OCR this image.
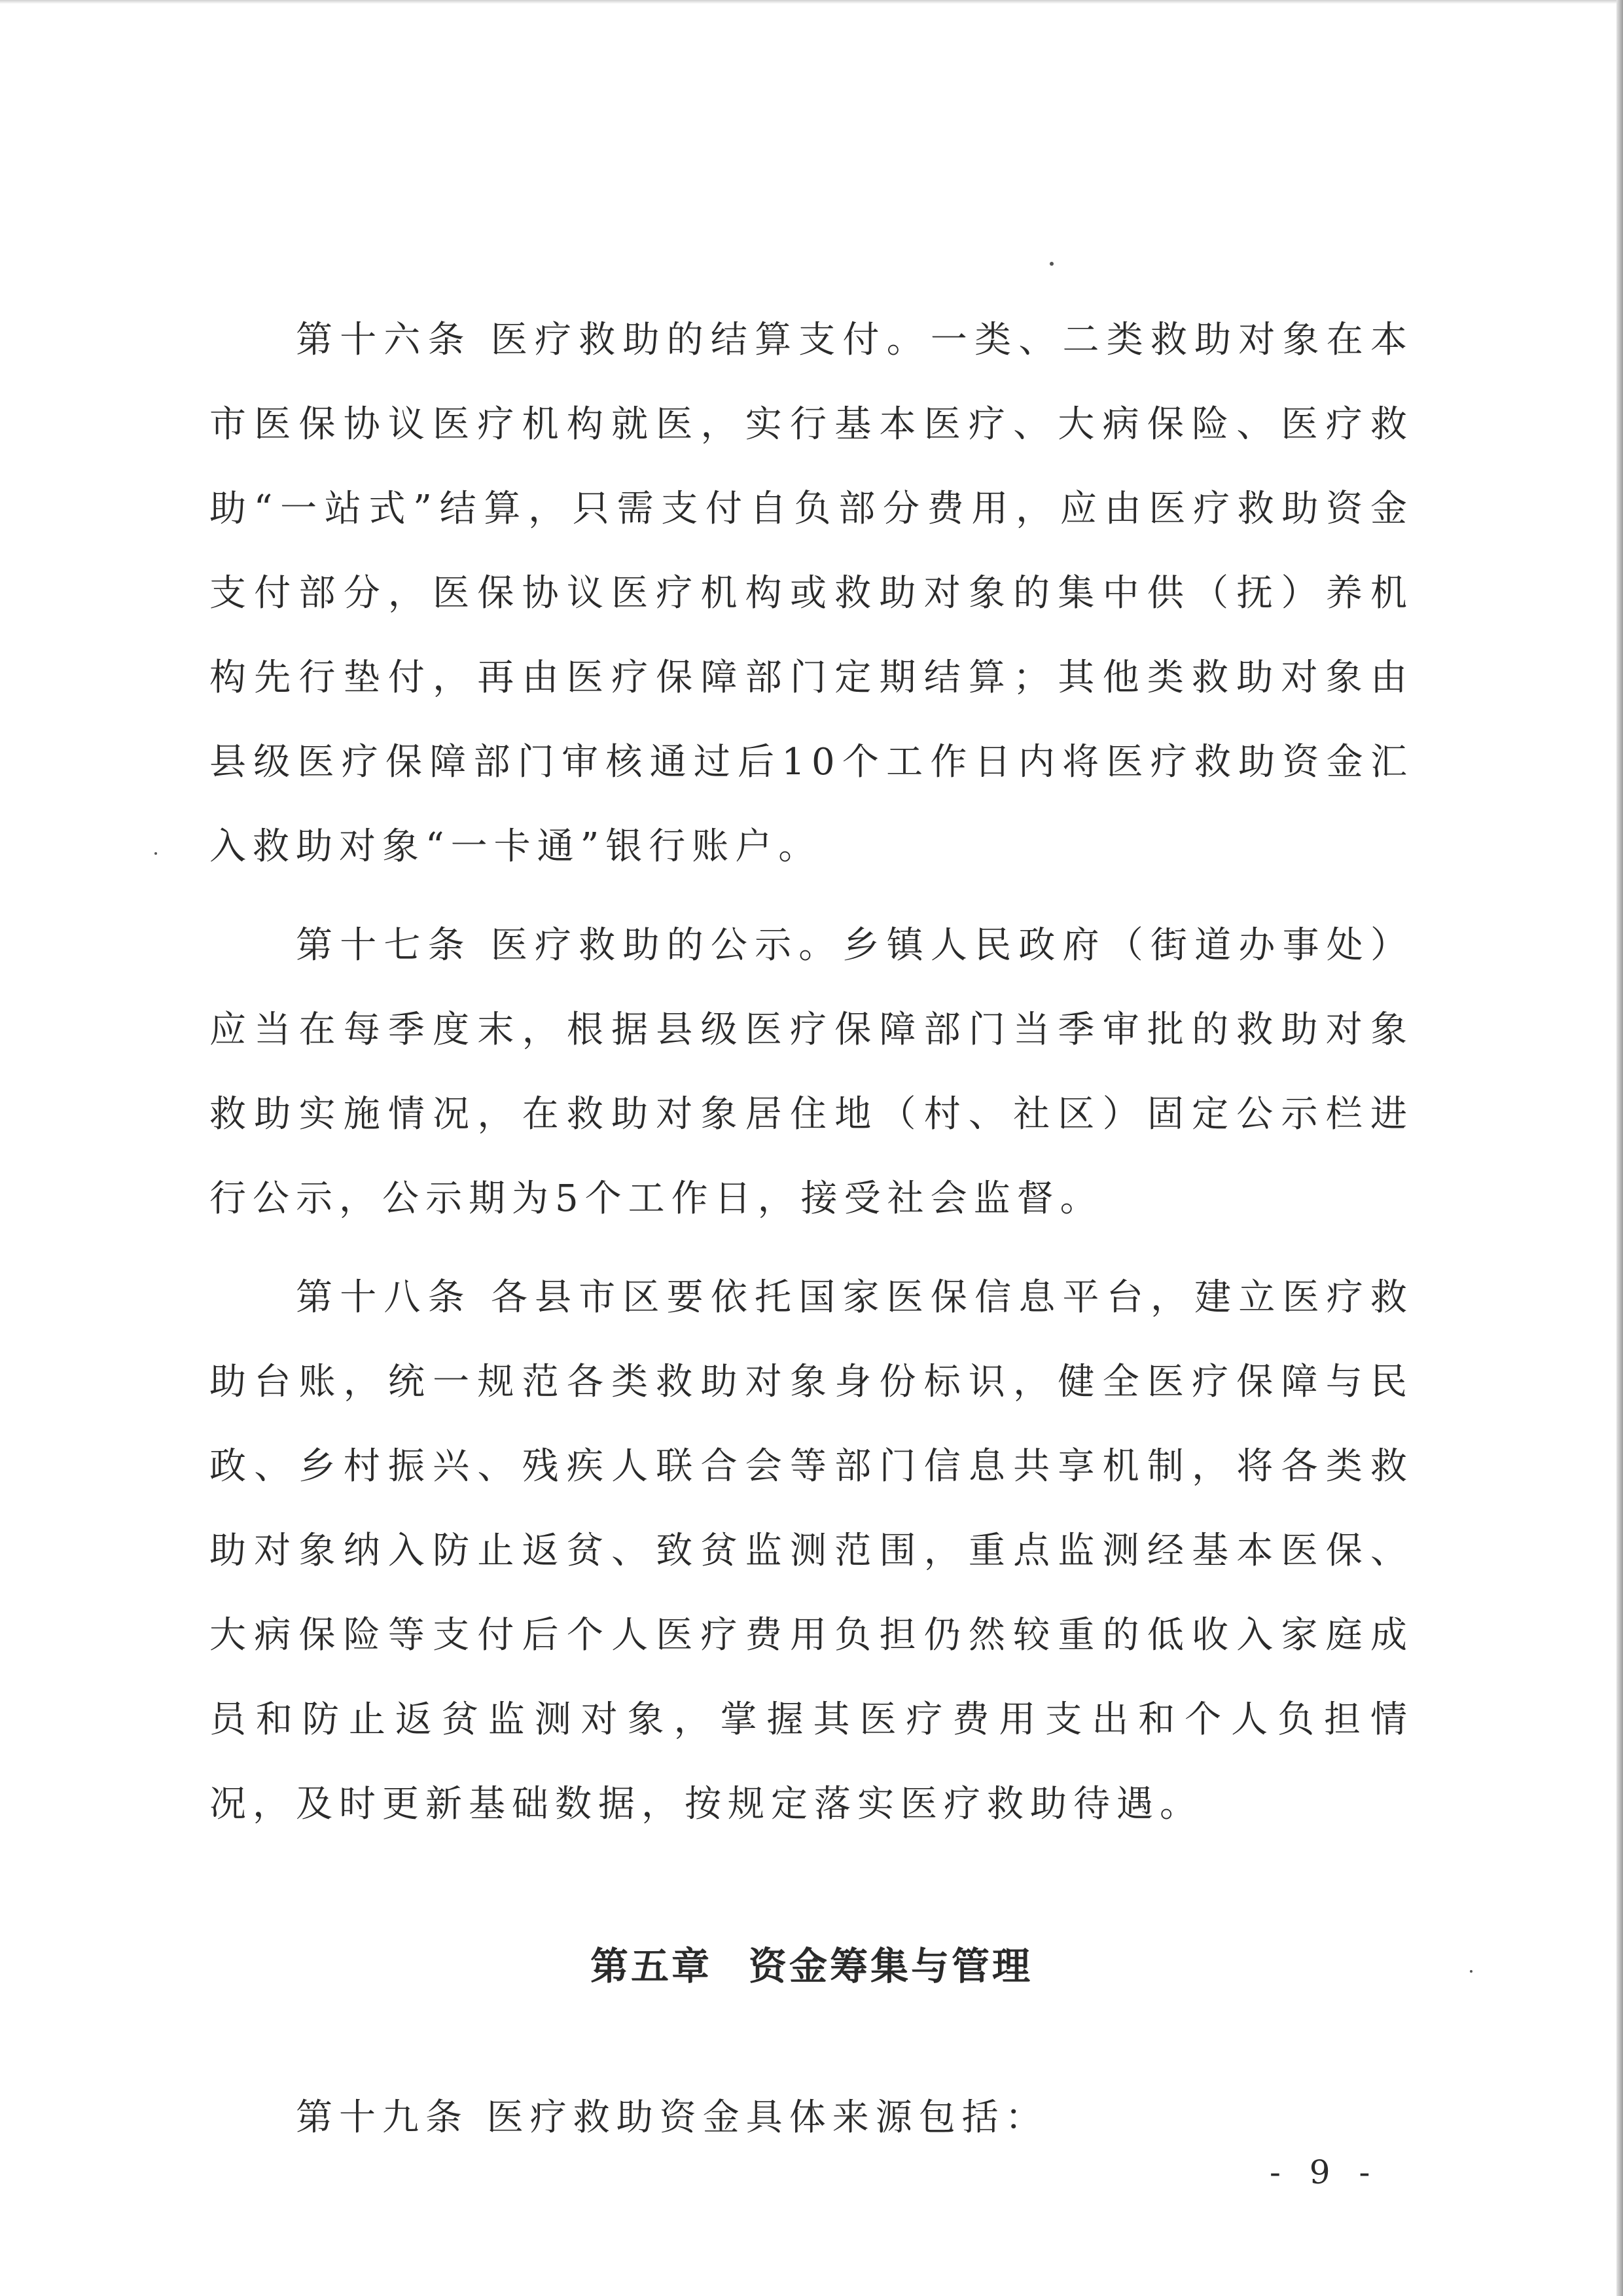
第十六条 医疗救助的结算支付。一类、二类救助对象在本市医保协议医疗机构就医，实行基本医疗、大病保险、医疗救助“一站式”结算，只需支付自负部分费用，应由医疗救助资金支付部分，医保协议医疗机构或救助对象的集中供（抚）养机构先行垫付，再由医疗保障部门定期结算；其他类救助对象由县级医疗保障部门审核通过后10个工作日内将医疗救助资金汇入救助对象“一卡通”银行账户。

第十七条 医疗救助的公示。乡镇人民政府（街道办事处）应当在每季度末，根据县级医疗保障部门当季审批的救助对象救助实施情况，在救助对象居住地（村、社区）固定公示栏进行公示，公示期为5个工作日，接受社会监督。

第十八条 各县市区要依托国家医保信息平台，建立医疗救助台账，统一规范各类救助对象身份标识，健全医疗保障与民政、乡村振兴、残疾人联合会等部门信息共享机制，将各类救助对象纳入防止返贫、致贫监测范围，重点监测经基本医保、大病保险等支付后个人医疗费用负担仍然较重的低收入家庭成员和防止返贫监测对象，掌握其医疗费用支出和个人负担情况，及时更新基础数据，按规定落实医疗救助待遇。

第五章 资金筹集与管理

第十九条 医疗救助资金具体来源包括：

- 9 -
